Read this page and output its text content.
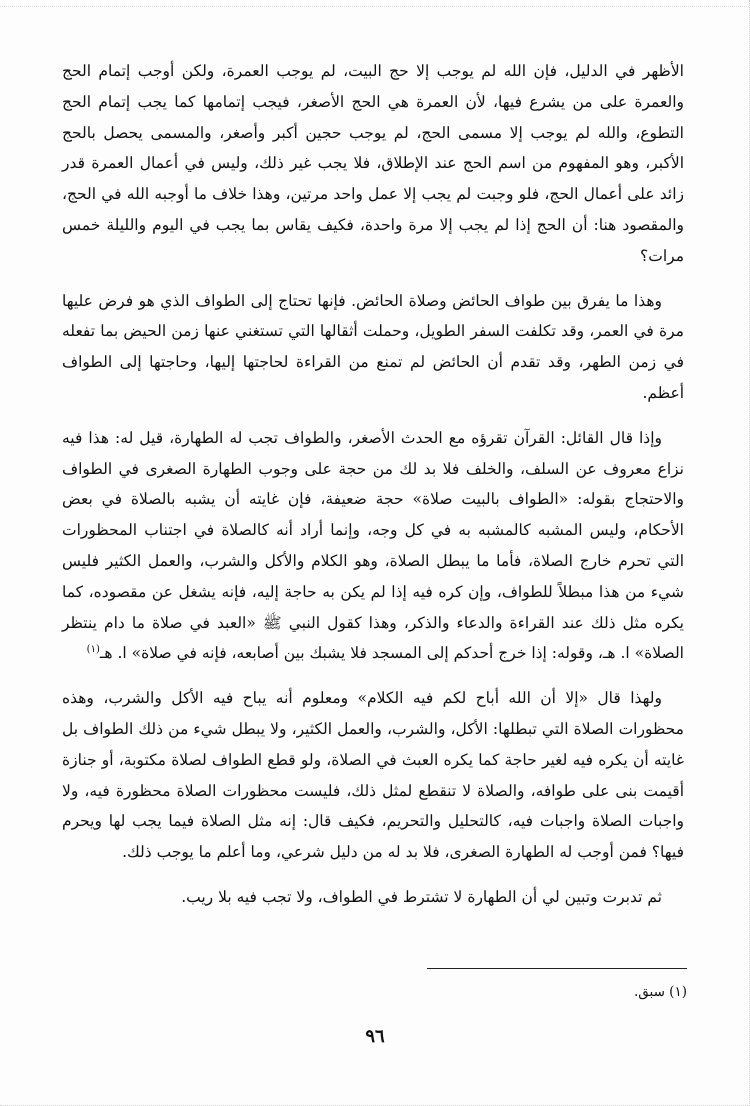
الأظهر في الدليل، فإن الله لم يوجب إلا حج البيت، لم يوجب العمرة، ولكن أوجب إتمام الحج والعمرة على من يشرع فيها، لأن العمرة هي الحج الأصغر، فيجب إتمامها كما يجب إتمام الحج التطوع، والله لم يوجب إلا مسمى الحج، لم يوجب حجين أكبر وأصغر، والمسمى يحصل بالحج الأكبر، وهو المفهوم من اسم الحج عند الإطلاق، فلا يجب غير ذلك، وليس في أعمال العمرة قدر زائد على أعمال الحج، فلو وجبت لم يجب إلا عمل واحد مرتين، وهذا خلاف ما أوجبه الله في الحج، والمقصود هنا: أن الحج إذا لم يجب إلا مرة واحدة، فكيف يقاس بما يجب في اليوم والليلة خمس مرات؟

وهذا ما يفرق بين طواف الحائض وصلاة الحائض. فإنها تحتاج إلى الطواف الذي هو فرض عليها مرة في العمر، وقد تكلفت السفر الطويل، وحملت أثقالها التي تستغني عنها زمن الحيض بما تفعله في زمن الطهر، وقد تقدم أن الحائض لم تمنع من القراءة لحاجتها إليها، وحاجتها إلى الطواف أعظم.

وإذا قال القائل: القرآن تقرؤه مع الحدث الأصغر، والطواف تجب له الطهارة، قيل له: هذا فيه نزاع معروف عن السلف، والخلف فلا بد لك من حجة على وجوب الطهارة الصغرى في الطواف والاحتجاج بقوله: «الطواف بالبيت صلاة» حجة ضعيفة، فإن غايته أن يشبه بالصلاة في بعض الأحكام، وليس المشبه كالمشبه به في كل وجه، وإنما أراد أنه كالصلاة في اجتناب المحظورات التي تحرم خارج الصلاة، فأما ما يبطل الصلاة، وهو الكلام والأكل والشرب، والعمل الكثير فليس شيء من هذا مبطلاً للطواف، وإن كره فيه إذا لم يكن به حاجة إليه، فإنه يشغل عن مقصوده، كما يكره مثل ذلك عند القراءة والدعاء والذكر، وهذا كقول النبي ﷺ «العبد في صلاة ما دام ينتظر الصلاة» ا. هـ، وقوله: إذا خرج أحدكم إلى المسجد فلا يشبك بين أصابعه، فإنه في صلاة» ا. هـ$^{(١)}$

ولهذا قال «إلا أن الله أباح لكم فيه الكلام» ومعلوم أنه يباح فيه الأكل والشرب، وهذه محظورات الصلاة التي تبطلها: الأكل، والشرب، والعمل الكثير، ولا يبطل شيء من ذلك الطواف بل غايته أن يكره فيه لغير حاجة كما يكره العبث في الصلاة، ولو قطع الطواف لصلاة مكتوبة، أو جنازة أقيمت بنى على طوافه، والصلاة لا تنقطع لمثل ذلك، فليست محظورات الصلاة محظورة فيه، ولا واجبات الصلاة واجبات فيه، كالتحليل والتحريم، فكيف قال: إنه مثل الصلاة فيما يجب لها ويحرم فيها؟ فمن أوجب له الطهارة الصغرى، فلا بد له من دليل شرعي، وما أعلم ما يوجب ذلك.

ثم تدبرت وتبين لي أن الطهارة لا تشترط في الطواف، ولا تجب فيه بلا ريب.

(١) سبق.
٩٦
